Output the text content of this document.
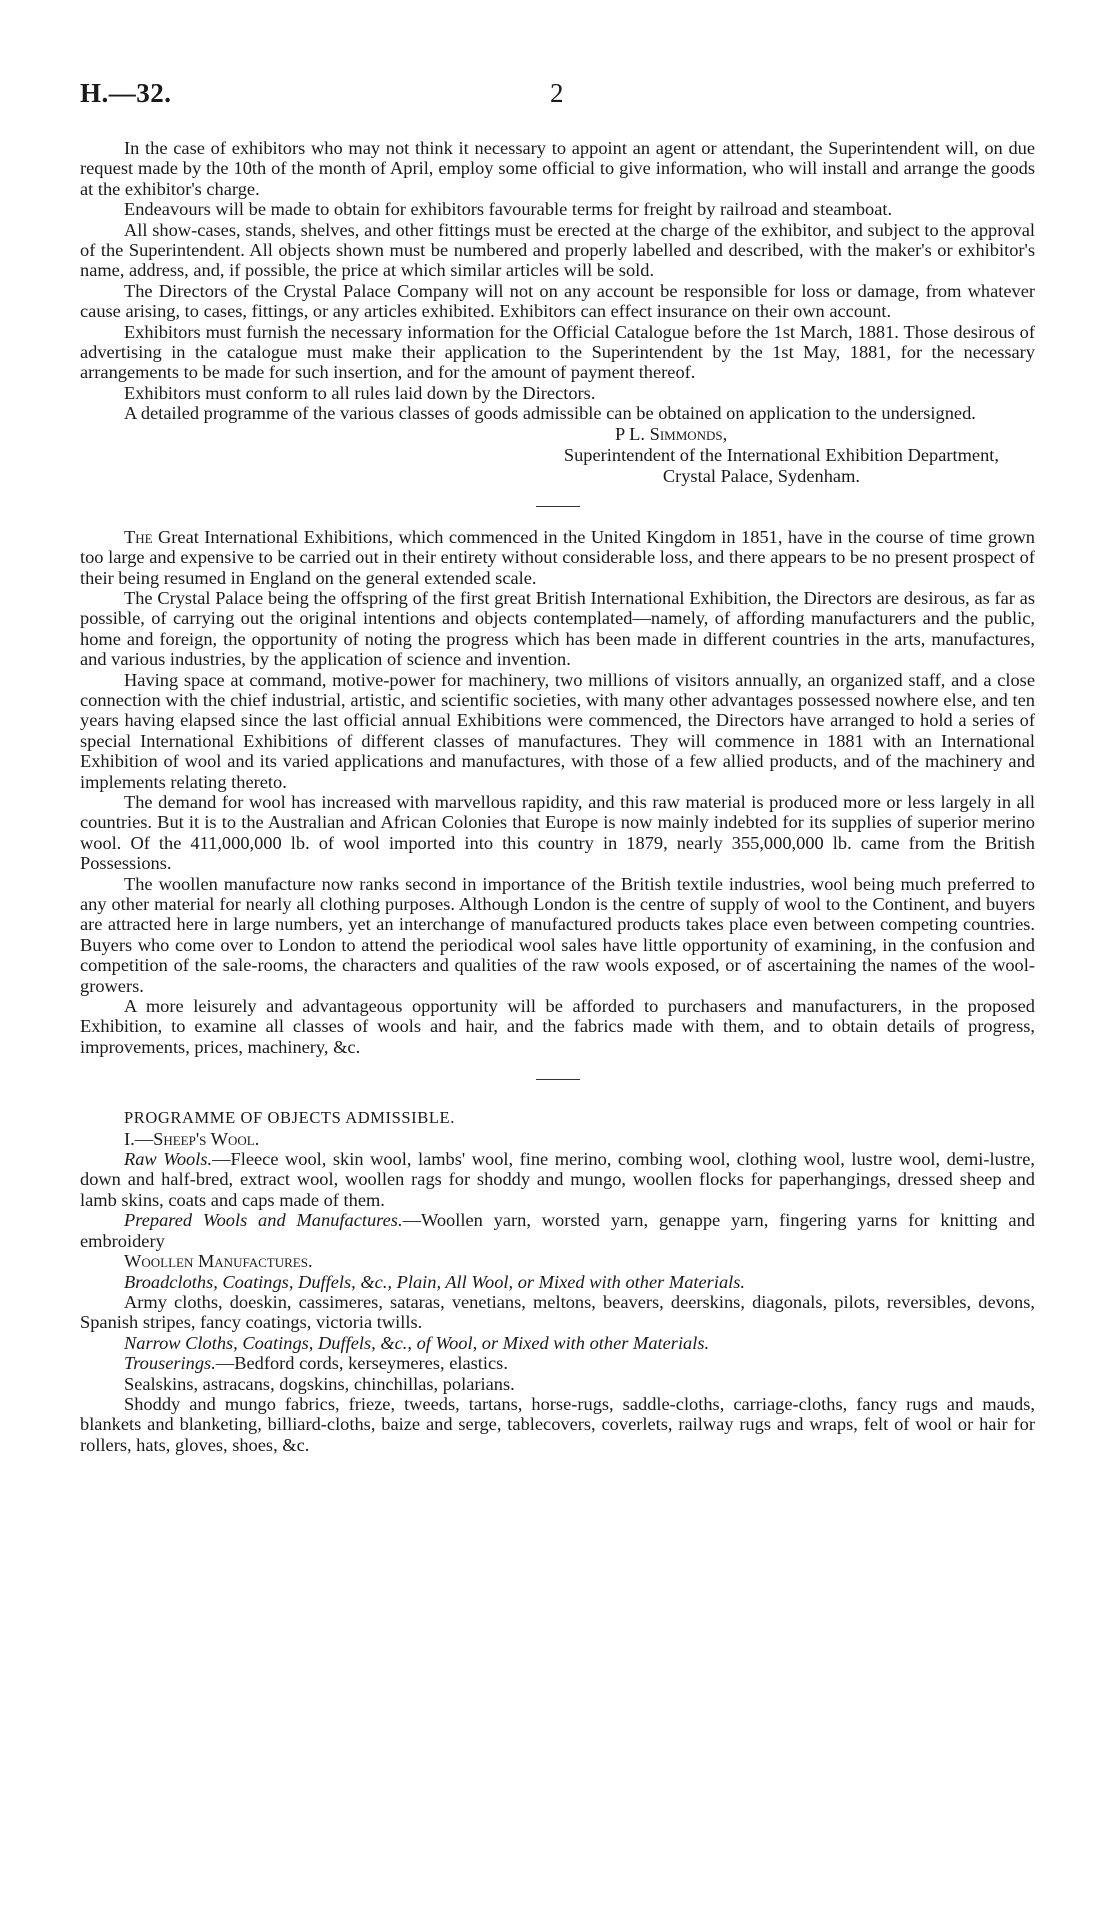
H.—32.	2

In the case of exhibitors who may not think it necessary to appoint an agent or attendant, the Superintendent will, on due request made by the 10th of the month of April, employ some official to give information, who will install and arrange the goods at the exhibitor's charge.

Endeavours will be made to obtain for exhibitors favourable terms for freight by railroad and steamboat.

All show-cases, stands, shelves, and other fittings must be erected at the charge of the exhibitor, and subject to the approval of the Superintendent. All objects shown must be numbered and properly labelled and described, with the maker's or exhibitor's name, address, and, if possible, the price at which similar articles will be sold.

The Directors of the Crystal Palace Company will not on any account be responsible for loss or damage, from whatever cause arising, to cases, fittings, or any articles exhibited. Exhibitors can effect insurance on their own account.

Exhibitors must furnish the necessary information for the Official Catalogue before the 1st March, 1881. Those desirous of advertising in the catalogue must make their application to the Superintendent by the 1st May, 1881, for the necessary arrangements to be made for such insertion, and for the amount of payment thereof.

Exhibitors must conform to all rules laid down by the Directors.

A detailed programme of the various classes of goods admissible can be obtained on application to the undersigned.

P L. Simmonds,
Superintendent of the International Exhibition Department,
Crystal Palace, Sydenham.

The Great International Exhibitions, which commenced in the United Kingdom in 1851, have in the course of time grown too large and expensive to be carried out in their entirety without considerable loss, and there appears to be no present prospect of their being resumed in England on the general extended scale.

The Crystal Palace being the offspring of the first great British International Exhibition, the Directors are desirous, as far as possible, of carrying out the original intentions and objects contemplated—namely, of affording manufacturers and the public, home and foreign, the opportunity of noting the progress which has been made in different countries in the arts, manufactures, and various industries, by the application of science and invention.

Having space at command, motive-power for machinery, two millions of visitors annually, an organized staff, and a close connection with the chief industrial, artistic, and scientific societies, with many other advantages possessed nowhere else, and ten years having elapsed since the last official annual Exhibitions were commenced, the Directors have arranged to hold a series of special International Exhibitions of different classes of manufactures. They will commence in 1881 with an International Exhibition of wool and its varied applications and manufactures, with those of a few allied products, and of the machinery and implements relating thereto.

The demand for wool has increased with marvellous rapidity, and this raw material is produced more or less largely in all countries. But it is to the Australian and African Colonies that Europe is now mainly indebted for its supplies of superior merino wool. Of the 411,000,000 lb. of wool imported into this country in 1879, nearly 355,000,000 lb. came from the British Possessions.

The woollen manufacture now ranks second in importance of the British textile industries, wool being much preferred to any other material for nearly all clothing purposes. Although London is the centre of supply of wool to the Continent, and buyers are attracted here in large numbers, yet an interchange of manufactured products takes place even between competing countries. Buyers who come over to London to attend the periodical wool sales have little opportunity of examining, in the confusion and competition of the sale-rooms, the characters and qualities of the raw wools exposed, or of ascertaining the names of the wool-growers.

A more leisurely and advantageous opportunity will be afforded to purchasers and manufacturers, in the proposed Exhibition, to examine all classes of wools and hair, and the fabrics made with them, and to obtain details of progress, improvements, prices, machinery, &c.

PROGRAMME OF OBJECTS ADMISSIBLE.

I.—Sheep's Wool.

Raw Wools.—Fleece wool, skin wool, lambs' wool, fine merino, combing wool, clothing wool, lustre wool, demi-lustre, down and half-bred, extract wool, woollen rags for shoddy and mungo, woollen flocks for paperhangings, dressed sheep and lamb skins, coats and caps made of them.

Prepared Wools and Manufactures.—Woollen yarn, worsted yarn, genappe yarn, fingering yarns for knitting and embroidery

Woollen Manufactures.

Broadcloths, Coatings, Duffels, &c., Plain, All Wool, or Mixed with other Materials.

Army cloths, doeskin, cassimeres, sataras, venetians, meltons, beavers, deerskins, diagonals, pilots, reversibles, devons, Spanish stripes, fancy coatings, victoria twills.

Narrow Cloths, Coatings, Duffels, &c., of Wool, or Mixed with other Materials.

Trouserings.—Bedford cords, kerseymeres, elastics.

Sealskins, astracans, dogskins, chinchillas, polarians.

Shoddy and mungo fabrics, frieze, tweeds, tartans, horse-rugs, saddle-cloths, carriage-cloths, fancy rugs and mauds, blankets and blanketing, billiard-cloths, baize and serge, tablecovers, coverlets, railway rugs and wraps, felt of wool or hair for rollers, hats, gloves, shoes, &c.
